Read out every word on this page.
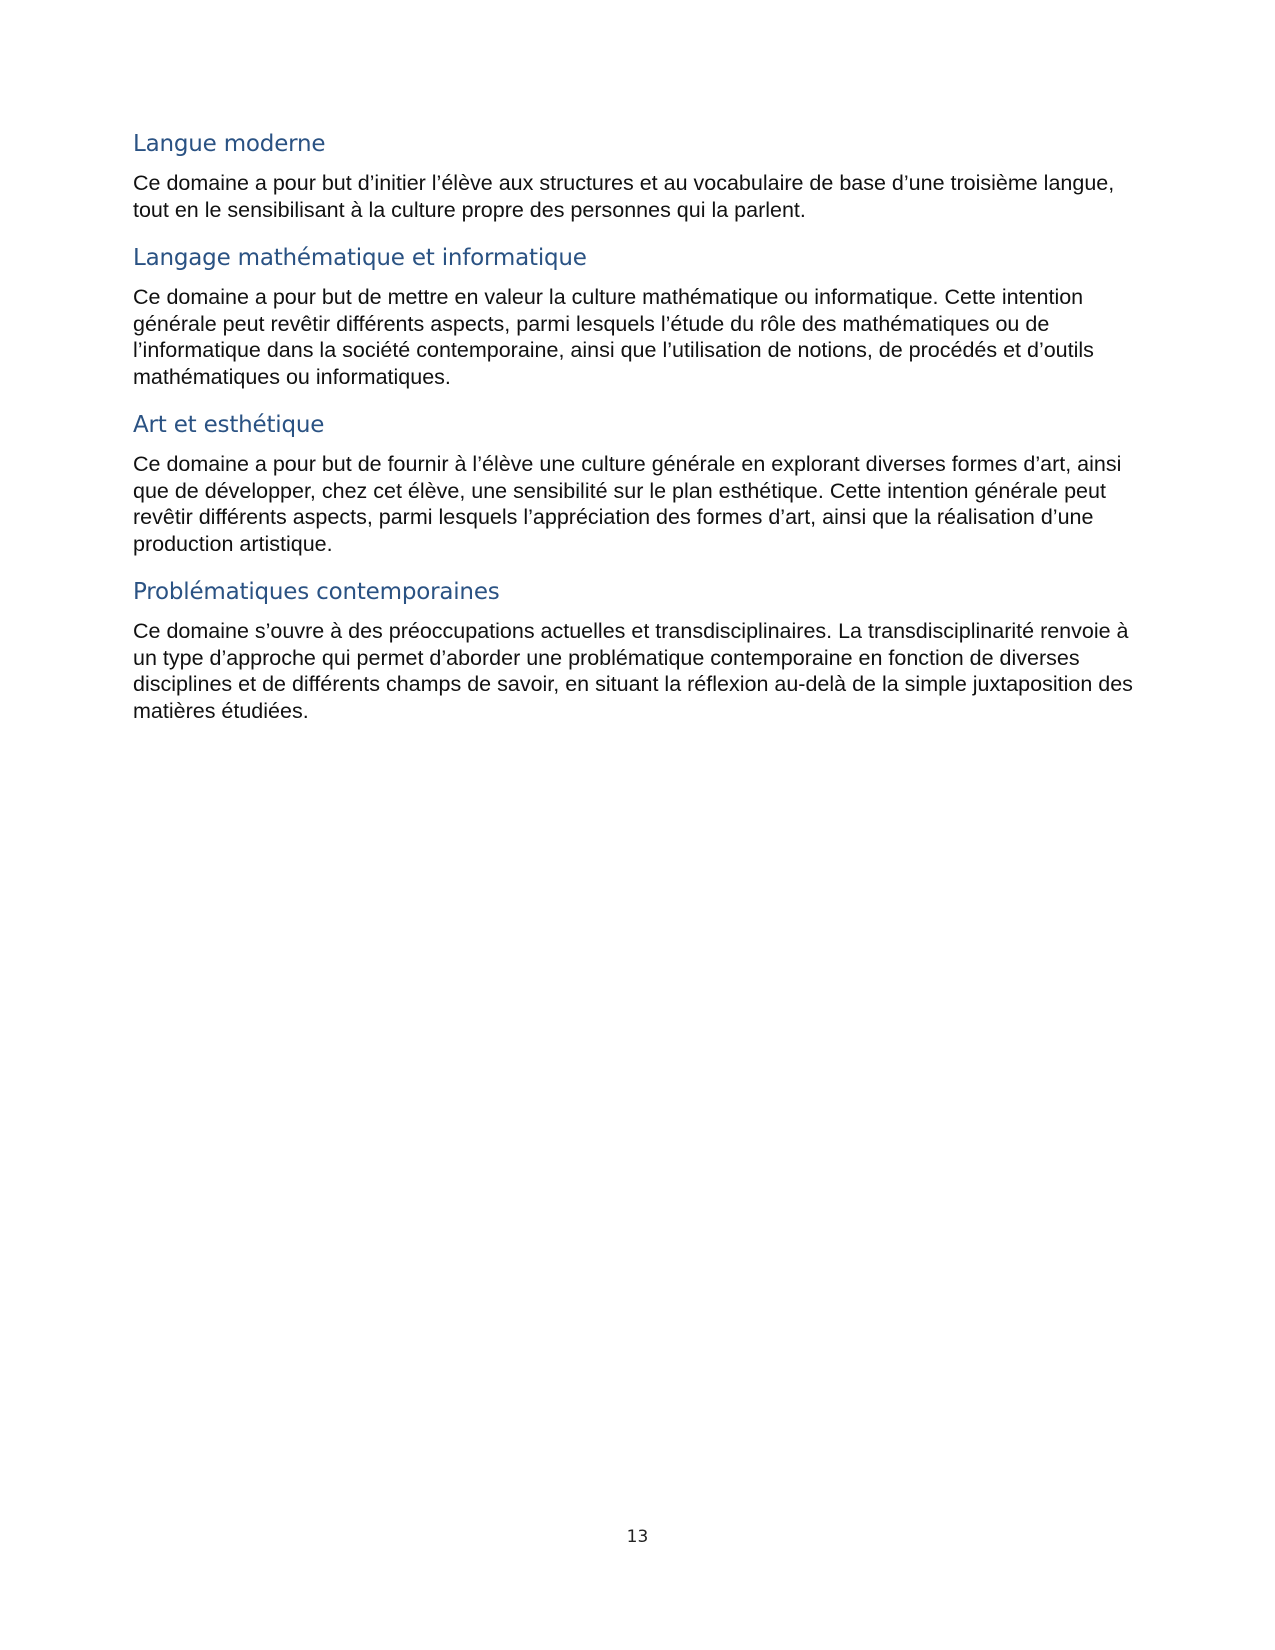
Langue moderne

Ce domaine a pour but d’initier l’élève aux structures et au vocabulaire de base d’une troisième langue, tout en le sensibilisant à la culture propre des personnes qui la parlent.

Langage mathématique et informatique

Ce domaine a pour but de mettre en valeur la culture mathématique ou informatique. Cette intention générale peut revêtir différents aspects, parmi lesquels l’étude du rôle des mathématiques ou de l’informatique dans la société contemporaine, ainsi que l’utilisation de notions, de procédés et d’outils mathématiques ou informatiques.

Art et esthétique

Ce domaine a pour but de fournir à l’élève une culture générale en explorant diverses formes d’art, ainsi que de développer, chez cet élève, une sensibilité sur le plan esthétique. Cette intention générale peut revêtir différents aspects, parmi lesquels l’appréciation des formes d’art, ainsi que la réalisation d’une production artistique.

Problématiques contemporaines

Ce domaine s’ouvre à des préoccupations actuelles et transdisciplinaires. La transdisciplinarité renvoie à un type d’approche qui permet d’aborder une problématique contemporaine en fonction de diverses disciplines et de différents champs de savoir, en situant la réflexion au-delà de la simple juxtaposition des matières étudiées.

13
